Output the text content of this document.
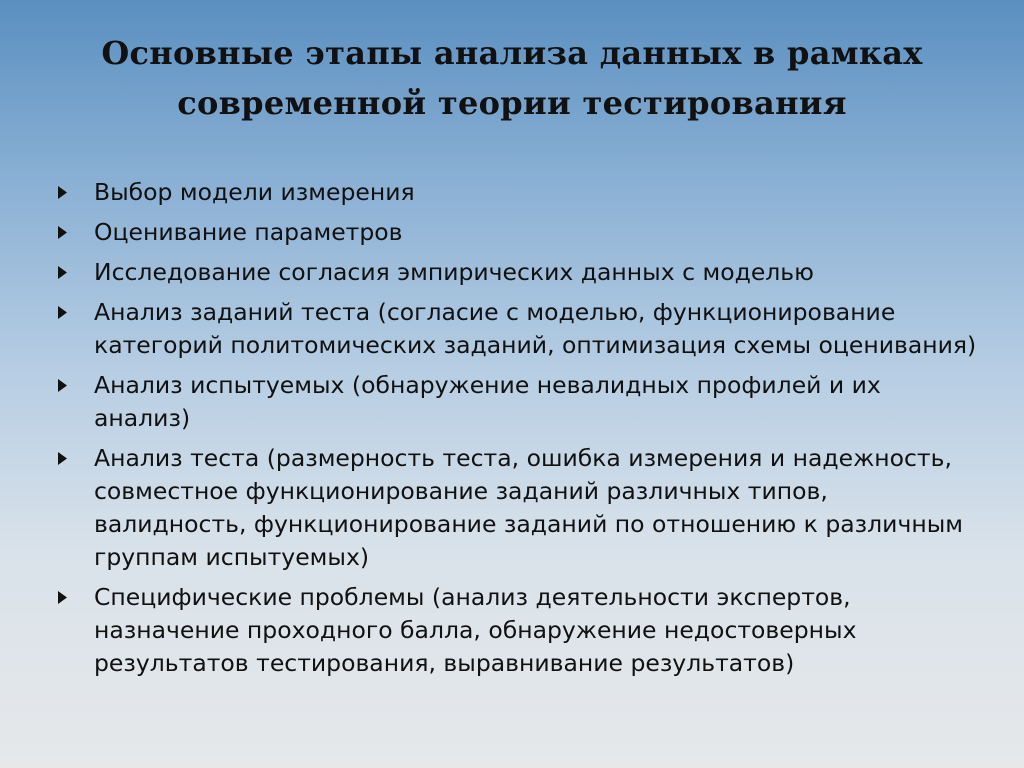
Основные этапы анализа данных в рамках
современной теории тестирования
Выбор модели измерения
Оценивание параметров
Исследование согласия эмпирических данных с моделью
Анализ заданий теста (согласие с моделью, функционирование категорий политомических заданий, оптимизация схемы оценивания)
Анализ испытуемых (обнаружение невалидных профилей и их анализ)
Анализ теста (размерность теста, ошибка измерения и надежность, совместное функционирование заданий различных типов, валидность, функционирование заданий по отношению к различным группам испытуемых)
Специфические проблемы (анализ деятельности экспертов, назначение проходного балла, обнаружение недостоверных результатов тестирования, выравнивание результатов)
